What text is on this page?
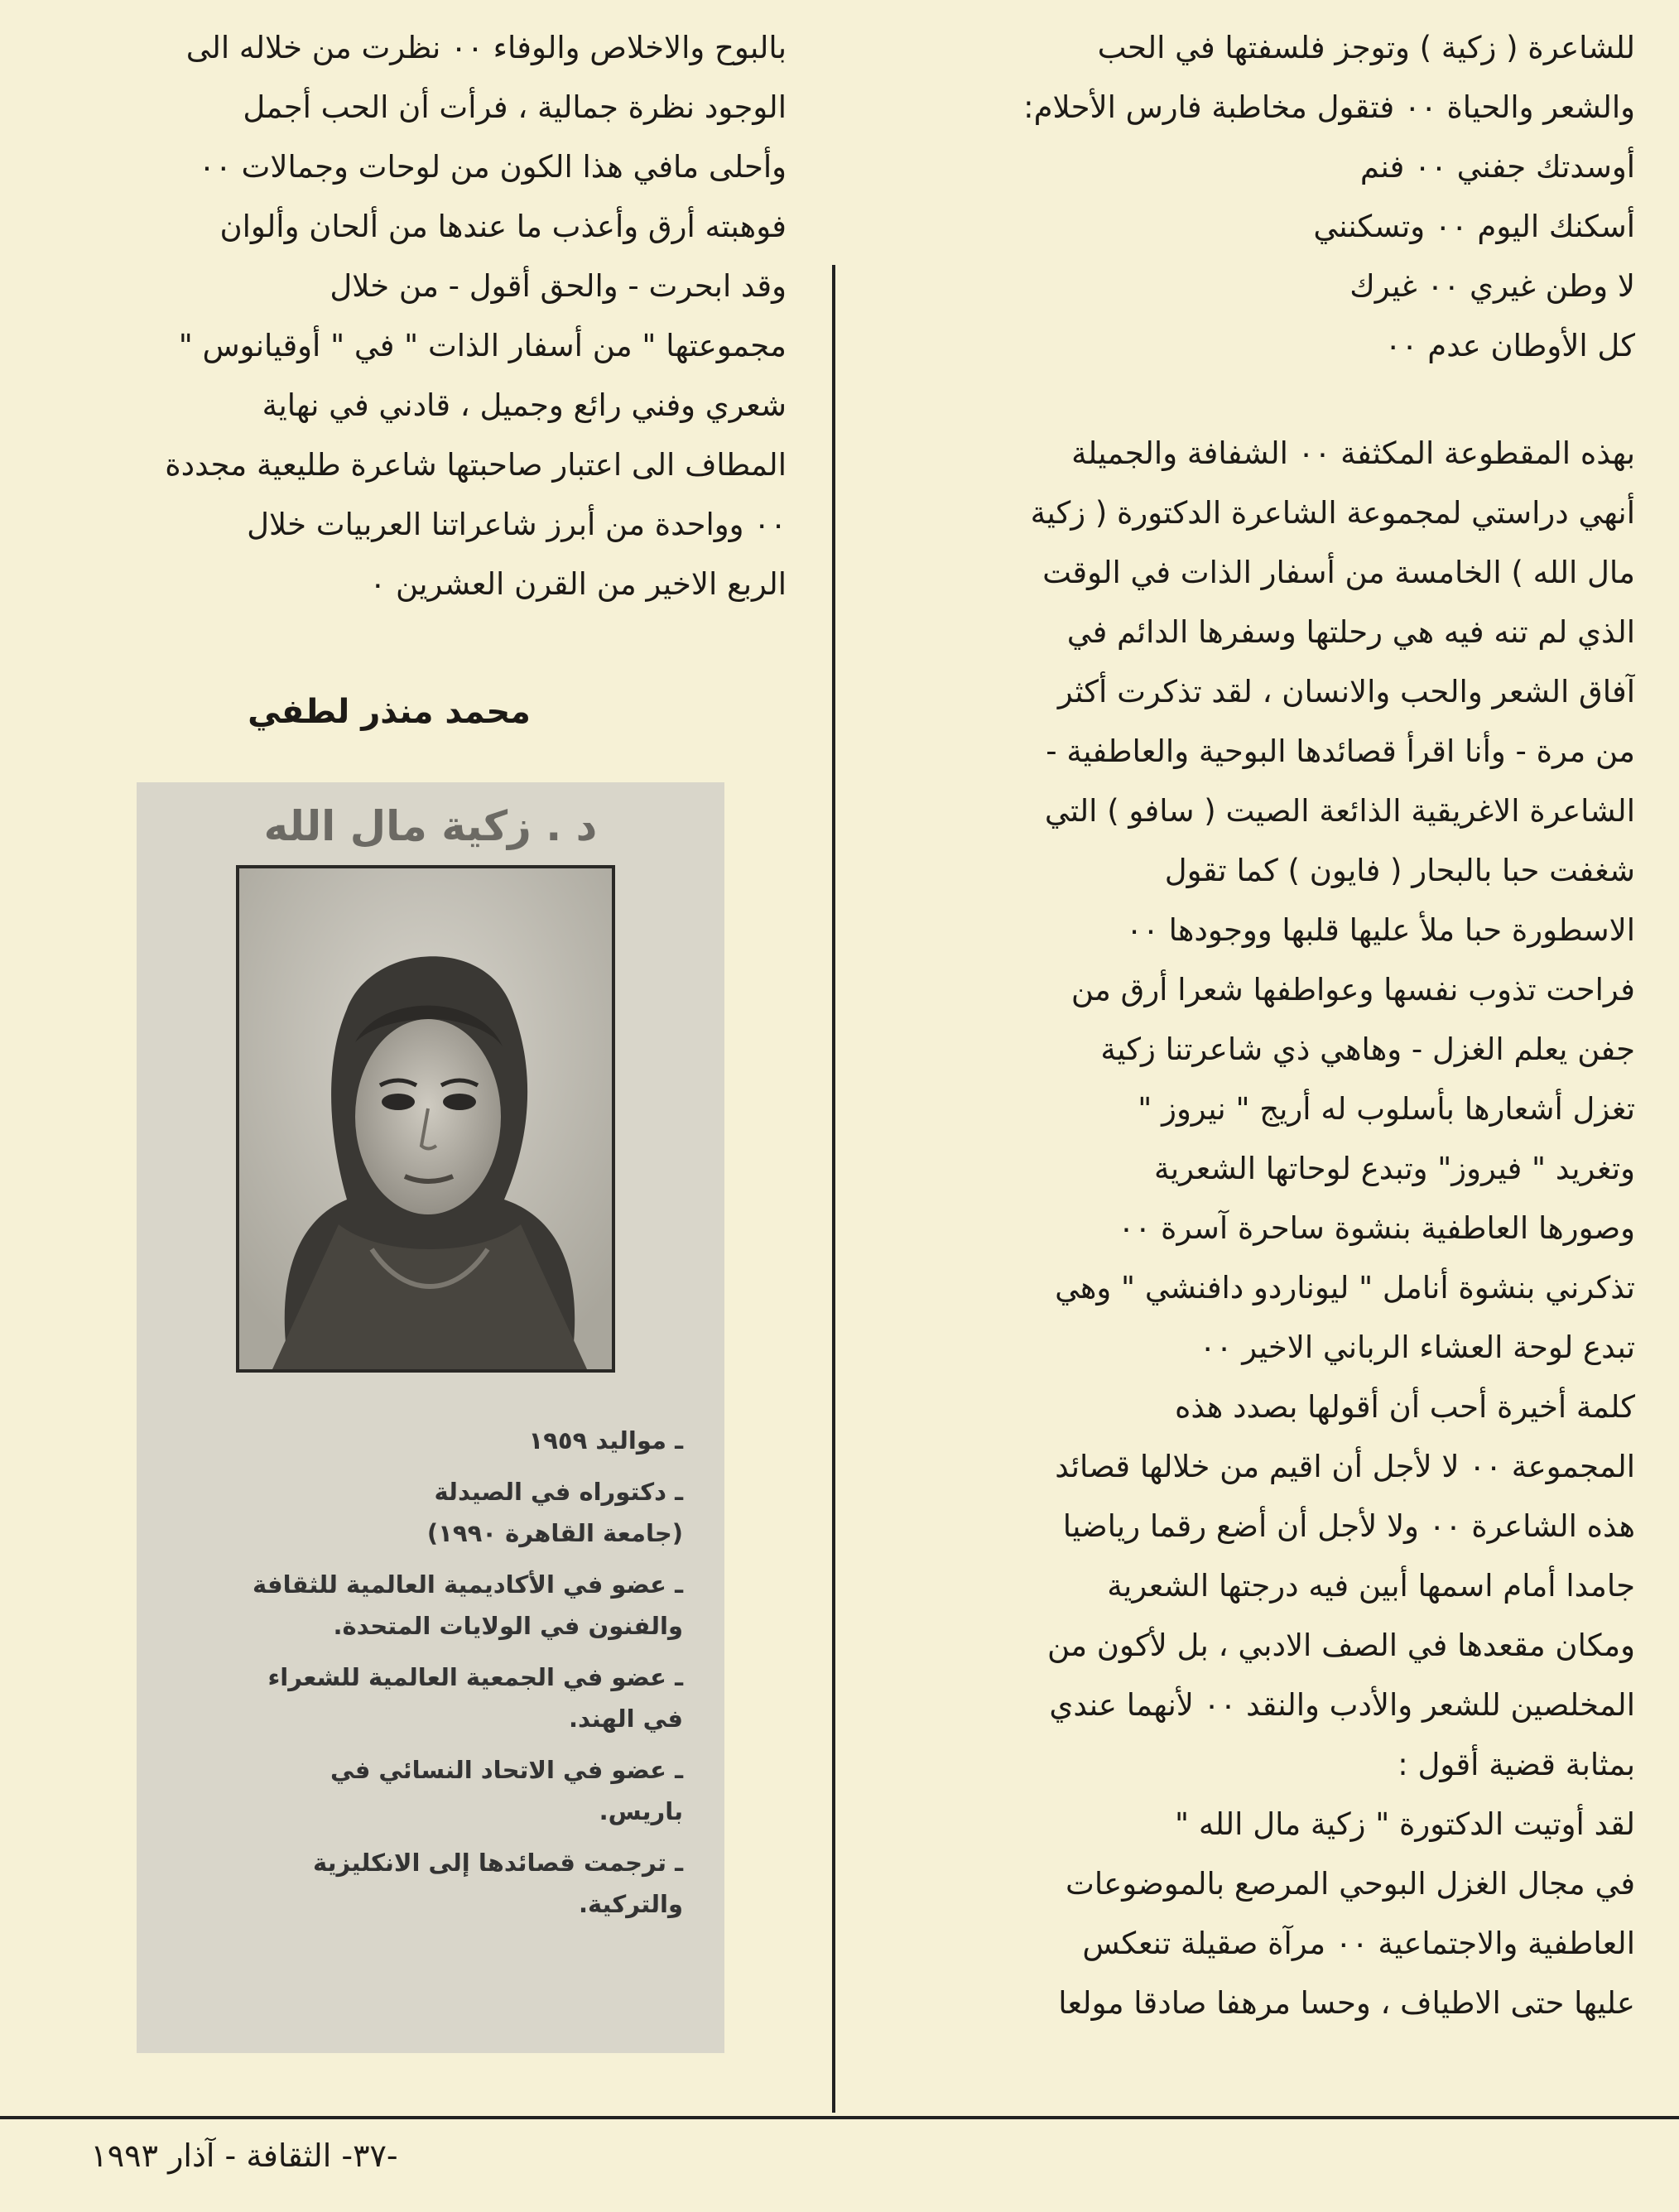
للشاعرة ( زكية ) وتوجز فلسفتها في الحب
والشعر والحياة ٠٠ فتقول مخاطبة فارس الأحلام:
أوسدتك جفني ٠٠ فنم
أسكنك اليوم ٠٠ وتسكنني
لا وطن غيري ٠٠ غيرك
كل الأوطان عدم ٠٠
بهذه المقطوعة المكثفة ٠٠ الشفافة والجميلة
أنهي دراستي لمجموعة الشاعرة الدكتورة ( زكية
مال الله ) الخامسة من أسفار الذات في الوقت
الذي لم تنه فيه هي رحلتها وسفرها الدائم في
آفاق الشعر والحب والانسان ، لقد تذكرت أكثر
من مرة - وأنا اقرأ قصائدها البوحية والعاطفية -
الشاعرة الاغريقية الذائعة الصيت ( سافو ) التي
شغفت حبا بالبحار ( فايون ) كما تقول
الاسطورة حبا ملأ عليها قلبها ووجودها ٠٠
فراحت تذوب نفسها وعواطفها شعرا أرق من
جفن يعلم الغزل - وهاهي ذي شاعرتنا زكية
تغزل أشعارها بأسلوب له أريج " نيروز "
وتغريد " فيروز" وتبدع لوحاتها الشعرية
وصورها العاطفية بنشوة ساحرة آسرة ٠٠
تذكرني بنشوة أنامل " ليوناردو دافنشي " وهي
تبدع لوحة العشاء الرباني الاخير ٠٠
كلمة أخيرة أحب أن أقولها بصدد هذه
المجموعة ٠٠ لا لأجل أن اقيم من خلالها قصائد
هذه الشاعرة ٠٠ ولا لأجل أن أضع رقما رياضيا
جامدا أمام اسمها أبين فيه درجتها الشعرية
ومكان مقعدها في الصف الادبي ، بل لأكون من
المخلصين للشعر والأدب والنقد ٠٠ لأنهما عندي
بمثابة قضية أقول :
لقد أوتيت الدكتورة " زكية مال الله "
في مجال الغزل البوحي المرصع بالموضوعات
العاطفية والاجتماعية ٠٠ مرآة صقيلة تنعكس
عليها حتى الاطياف ، وحسا مرهفا صادقا مولعا
بالبوح والاخلاص والوفاء ٠٠ نظرت من خلاله الى
الوجود نظرة جمالية ، فرأت أن الحب أجمل
وأحلى مافي هذا الكون من لوحات وجمالات ٠٠
فوهبته أرق وأعذب ما عندها من ألحان وألوان
وقد ابحرت - والحق أقول - من خلال
مجموعتها " من أسفار الذات " في " أوقيانوس "
شعري وفني رائع وجميل ، قادني في نهاية
المطاف الى اعتبار صاحبتها شاعرة طليعية مجددة
٠٠ وواحدة من أبرز شاعراتنا العربيات خلال
الربع الاخير من القرن العشرين ٠
محمد منذر لطفي
د . زكية مال الله
ـ مواليد ١٩٥٩
ـ دكتوراه في الصيدلة
(جامعة القاهرة ١٩٩٠)
ـ عضو في الأكاديمية العالمية للثقافة
والفنون في الولايات المتحدة.
ـ عضو في الجمعية العالمية للشعراء
في الهند.
ـ عضو في الاتحاد النسائي في
باريس.
ـ ترجمت قصائدها إلى الانكليزية
والتركية.
-٣٧- الثقافة - آذار ١٩٩٣
